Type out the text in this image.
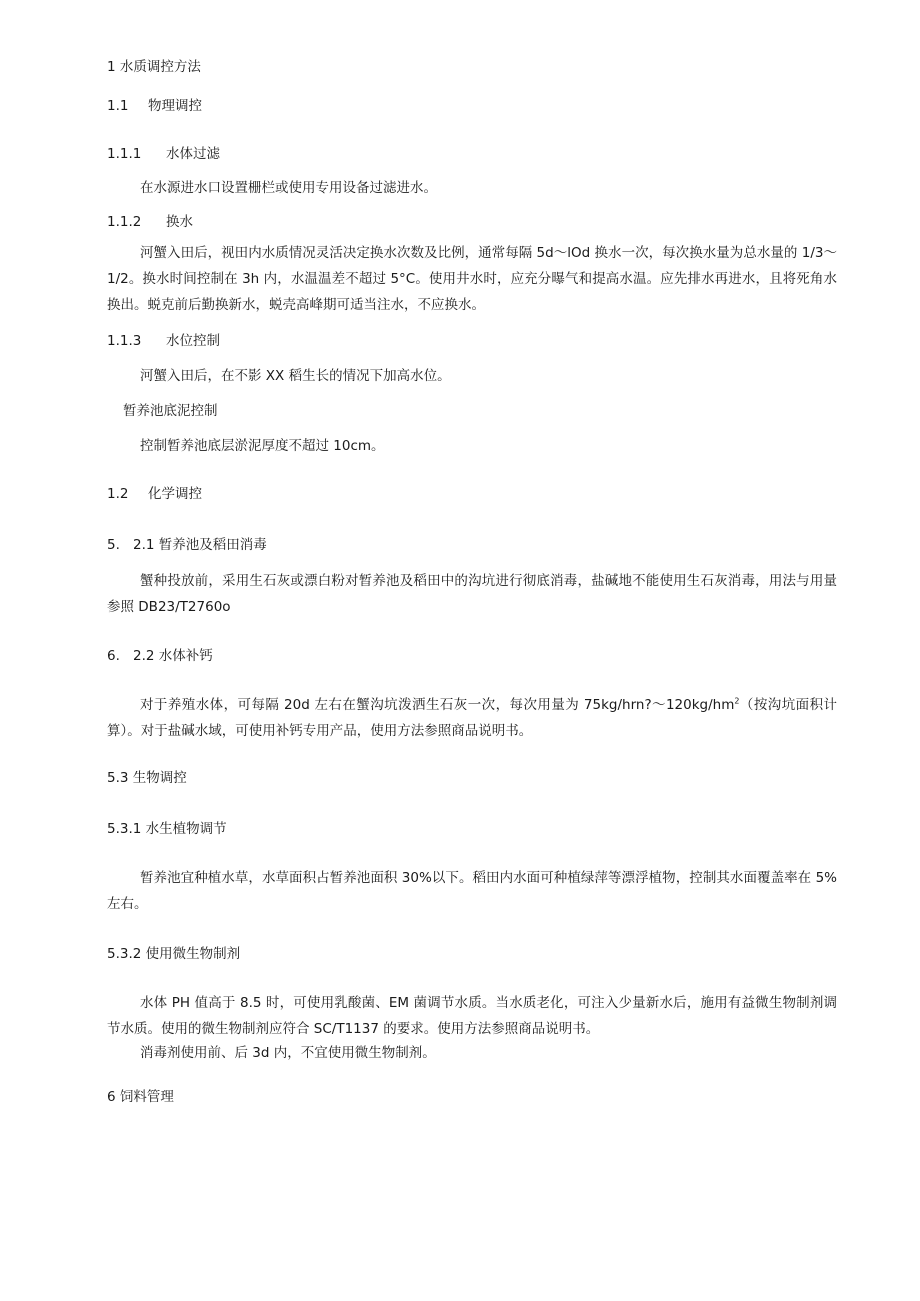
1 水质调控方法
1.1 物理调控
1.1.1 水体过滤
在水源进水口设置栅栏或使用专用设备过滤进水。
1.1.2 换水
河蟹入田后，视田内水质情况灵活决定换水次数及比例，通常每隔 5d～lOd 换水一次，每次换水量为总水量的 1/3～1/2。换水时间控制在 3h 内，水温温差不超过 5°C。使用井水时，应充分曝气和提高水温。应先排水再进水，且将死角水换出。蜕克前后勤换新水，蜕壳高峰期可适当注水，不应换水。
1.1.3 水位控制
河蟹入田后，在不影 XX 稻生长的情况下加高水位。
暂养池底泥控制
控制暂养池底层淤泥厚度不超过 10cm。
1.2 化学调控
5. 2.1 暂养池及稻田消毒
蟹种投放前，采用生石灰或漂白粉对暂养池及稻田中的沟坑进行彻底消毒，盐碱地不能使用生石灰消毒，用法与用量参照 DB23∕T2760o
6. 2.2 水体补钙
对于养殖水体，可每隔 20d 左右在蟹沟坑泼洒生石灰一次，每次用量为 $75kg/hrn?\sim 120kg∕hm^2$（按沟坑面积计算）。对于盐碱水域，可使用补钙专用产品，使用方法参照商品说明书。
5.3 生物调控
5.3.1 水生植物调节
暂养池宜种植水草，水草面积占暂养池面积 30%以下。稻田内水面可种植绿萍等漂浮植物，控制其水面覆盖率在 5%左右。
5.3.2 使用微生物制剂
水体 PH 值高于 8.5 时，可使用乳酸菌、EM 菌调节水质。当水质老化，可注入少量新水后，施用有益微生物制剂调节水质。使用的微生物制剂应符合 SC/T1137 的要求。使用方法参照商品说明书。
消毒剂使用前、后 3d 内，不宜使用微生物制剂。
6 饲料管理
